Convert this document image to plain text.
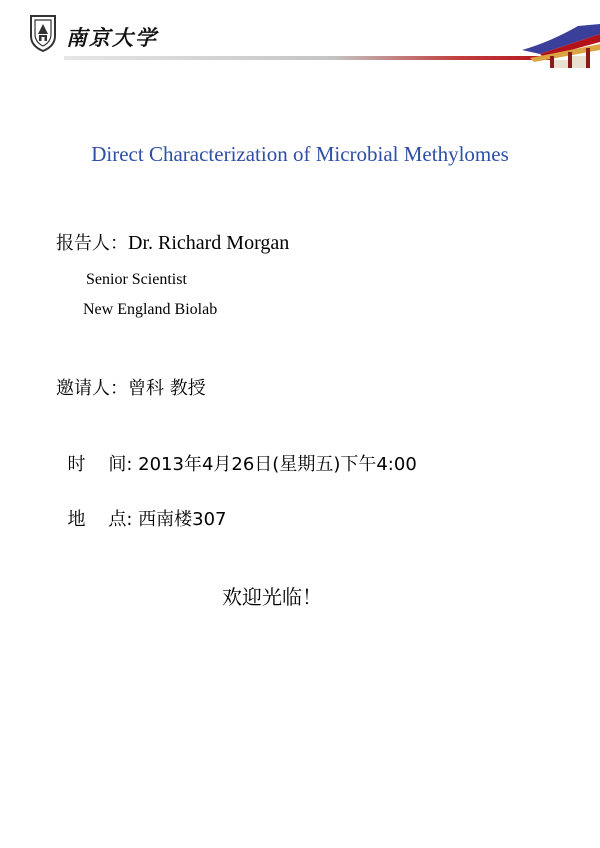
南京大学
Direct Characterization of Microbial Methylomes
报告人：Dr. Richard Morgan
Senior Scientist
New England Biolab
邀请人：曾科 教授

时    间: 2013年4月26日(星期五)下午4:00

地    点: 西南楼307

欢迎光临！
